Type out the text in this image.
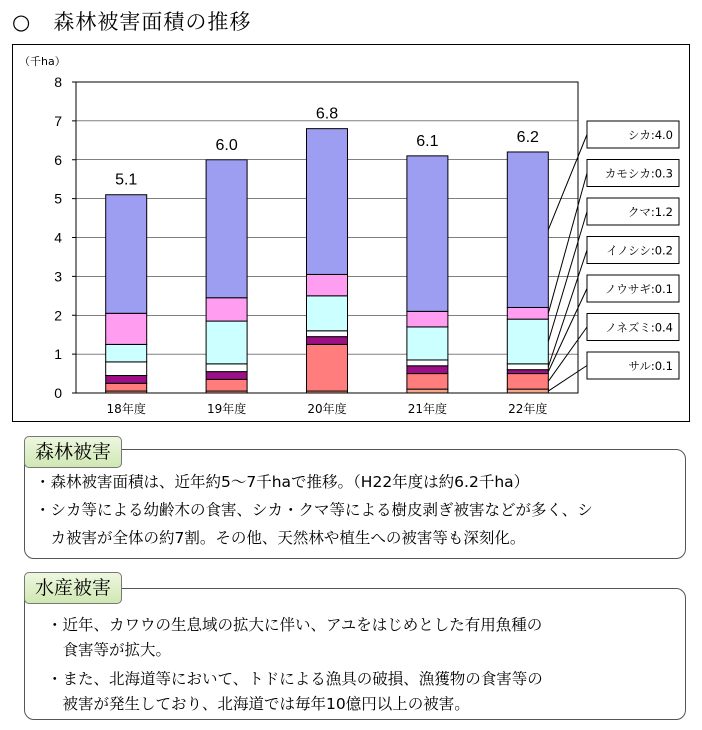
○　森林被害面積の推移
0
1
2
3
4
5
6
7
8
（千ha）
5.1
18年度
6.0
19年度
6.8
20年度
6.1
21年度
6.2
22年度
シカ:4.0
カモシカ:0.3
クマ:1.2
イノシシ:0.2
ノウサギ:0.1
ノネズミ:0.4
サル:0.1
・森林被害面積は、近年約5～7千haで推移。（H22年度は約6.2千ha）
・シカ等による幼齢木の食害、シカ・クマ等による樹皮剥ぎ被害などが多く、シ
　カ被害が全体の約7割。その他、天然林や植生への被害等も深刻化。
森林被害
・近年、カワウの生息域の拡大に伴い、アユをはじめとした有用魚種の
　食害等が拡大。
・また、北海道等において、トドによる漁具の破損、漁獲物の食害等の
　被害が発生しており、北海道では毎年10億円以上の被害。
水産被害
